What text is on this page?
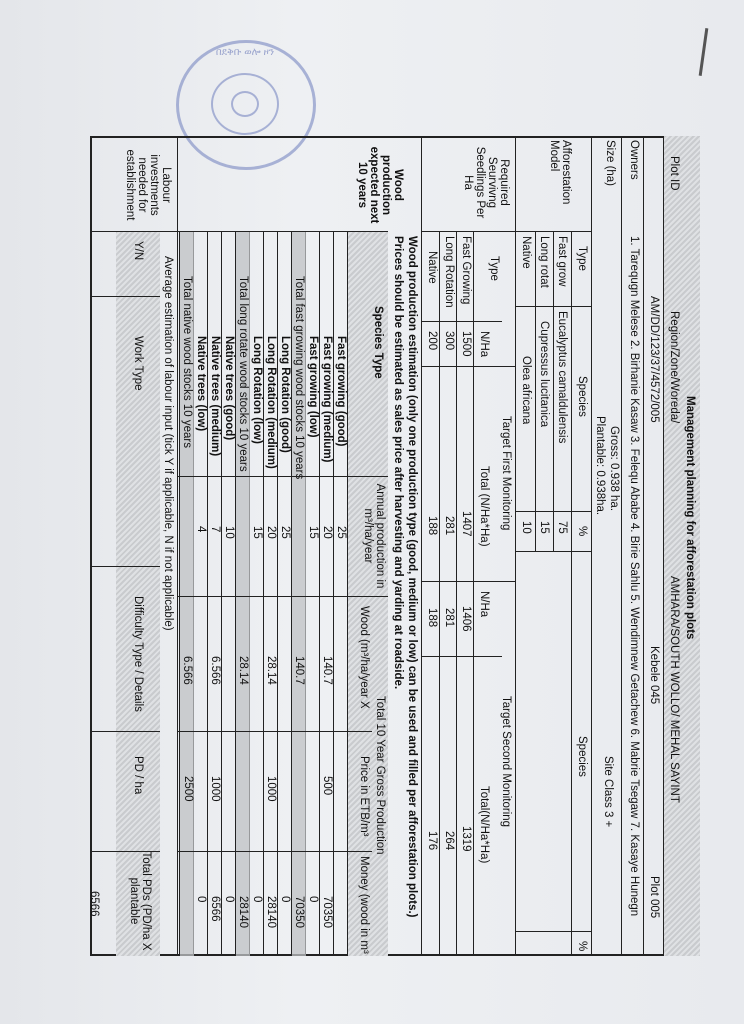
በደቅቡ ወሎ ዞን
Management planning for afforestation plots
Plot ID
Region/Zone/Woreda/
AMHARA/SOUTH WOLLO/ MEHAL SAYINT
AM/DD/123/37/4572/005
Kebele 045
Plot 005
Owners
1. Tarequgn Melese 2. Birhanie Kasaw 3. Felequ Ababe 4. Birie Sahlu 5. Wendimnew Getachew 6. Mabrie Tsegaw 7. Kasaye Hunegn
Size (ha)
Gross: 0.938 ha.
Plantable: 0.938ha.
Site Class 3 +
Afforestation Model
Type
Species
%
Species
%
Fast grow
Eucalyptus camaldulensis
75
Long rotat
Cupressus lucitanica
15
Native
Olea africana
10
Required Seurvivng Seedlings Per Ha
Target First Monitoring
Target Second Monitoring
Type
N/Ha
Total (N/Ha*Ha)
N/Ha
Total(N/Ha*Ha)
Fast Growing
1500
1407
1406
1319
Long Rotation
300
281
281
264
Native
200
188
188
176
Wood production expected next 10 years
Wood production estimation (only one production type (good, medium or low) can be used and filled per afforestation plots.)
Prices should be estimated as sales price after harvesting and yarding at roadside.
Species Type
Annual production in m³/ha/year
Total 10 Year Gross Production
Wood (m³/ha/year X
Price in ETB/m³
Money (wood in m³
Fast growing (good)
25
Fast growing (medium)
20
140.7
500
70350
Fast growing (low)
15
0
Total fast growing wood stocks 10 years
140.7
70350
Long Rotation (good)
25
0
Long Rotation (medium)
20
28.14
1000
28140
Long Rotation (low)
15
0
Total long rotate wood stocks 10 years
28.14
28140
Native trees (good)
10
0
Native trees (medium)
7
6.566
1000
6566
Native trees (low)
4
0
Total native wood stocks 10 years
6.566
Labour investments needed for establishment
Average estimation of labour input (tick Y if applicable, N if not applicable)
Y/N
Work Type
Difficulty Type / Details
PD / ha
Total PDs (PD/ha X plantable
2500
6566
